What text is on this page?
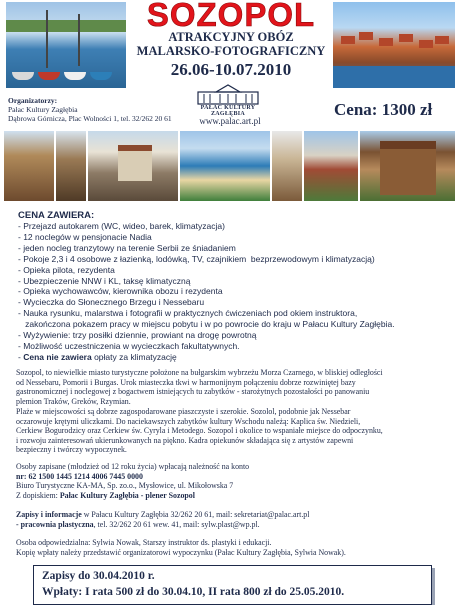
SOZOPOL
ATRAKCYJNY OBÓZ
MALARSKO-FOTOGRAFICZNY
26.06-10.07.2010
Organizatorzy:
Pałac Kultury Zagłębia
Dąbrowa Górnicza, Plac Wolności 1, tel. 32/262 20 61
PAŁAC KULTURY ZAGŁĘBIA
www.palac.art.pl
Cena: 1300 zł
CENA ZAWIERA:
- Przejazd autokarem (WC, wideo, barek, klimatyzacja)
- 12 noclegów w pensjonacie Nadia
- jeden nocleg tranzytowy na terenie Serbii ze śniadaniem
- Pokoje 2,3 i 4 osobowe z łazienką, lodówką, TV, czajnikiem  bezprzewodowym i klimatyzacją)
- Opieka pilota, rezydenta
- Ubezpieczenie NNW i KL, taksę klimatyczną
- Opieka wychowawców, kierownika obozu i rezydenta
- Wycieczka do Słonecznego Brzegu i Nessebaru
- Nauka rysunku, malarstwa i fotografii w praktycznych ćwiczeniach pod okiem instruktora,
zakończona pokazem pracy w miejscu pobytu i w po powrocie do kraju w Pałacu Kultury Zagłębia.
- Wyżywienie: trzy posiłki dziennie, prowiant na drogę powrotną
- Możliwość uczestniczenia w wycieczkach fakultatywnych.
- Cena nie zawiera opłaty za klimatyzację
Sozopol, to niewielkie miasto turystyczne położone na bułgarskim wybrzeżu Morza Czarnego, w bliskiej odległości
od Nessebaru, Pomorii i Burgas. Urok miasteczka tkwi w harmonijnym połączeniu dobrze rozwiniętej bazy
gastronomicznej i noclegowej z bogactwem istniejących tu zabytków - starożytnych pozostałości po panowaniu
plemion Traków, Greków, Rzymian.
Plaże w miejscowości są dobrze zagospodarowane piaszczyste i szerokie. Sozolol, podobnie jak Nessebar
oczarowuje krętymi uliczkami. Do naciekawszych zabytków kultury Wschodu należą: Kaplica św. Niedzieli,
Cerkiew Bogurodzicy oraz Cerkiew św. Cyryla i Metodego. Sozopol i okolice to wspaniałe miejsce do odpoczynku,
i rozwoju zainteresowań ukierunkowanych na piękno. Kadra opiekunów składająca się z artystów zapewni
bezpieczny i twórczy wypoczynek.
Osoby zapisane (młodzież od 12 roku życia) wpłacają należność na konto
nr: 62 1500 1445 1214 4006 7445 0000
Biuro Turystyczne KA-MA, Sp. zo.o., Mysłowice, ul. Mikołowska 7
Z dopiskiem: Pałac Kultury Zagłębia - plener Sozopol
Zapisy i informacje w Pałacu Kultury Zagłębia 32/262 20 61, mail: sekretariat@palac.art.pl
- pracownia plastyczna, tel. 32/262 20 61 wew. 41, mail: sylw.plast@wp.pl.
Osoba odpowiedzialna: Sylwia Nowak, Starszy instruktor ds. plastyki i edukacji.
Kopię wpłaty należy przedstawić organizatorowi wypoczynku (Pałac Kultury Zagłębia, Sylwia Nowak).
Zapisy do 30.04.2010 r.
Wpłaty: I rata 500 zł do 30.04.10, II rata 800 zł do 25.05.2010.
